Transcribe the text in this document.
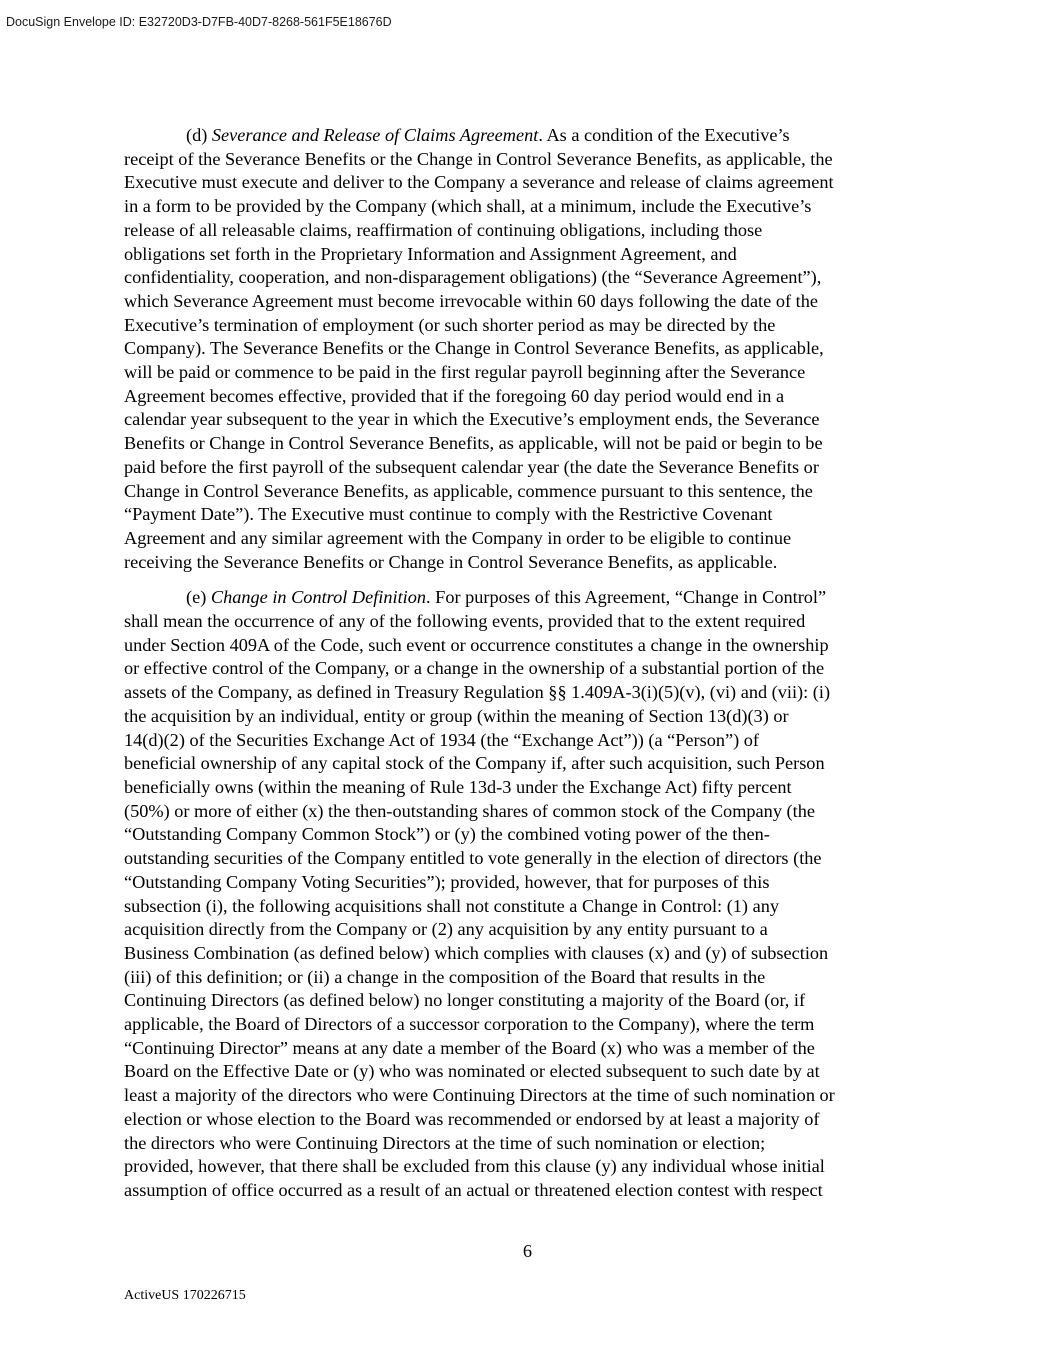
DocuSign Envelope ID: E32720D3-D7FB-40D7-8268-561F5E18676D
(d) Severance and Release of Claims Agreement. As a condition of the Executive’s
receipt of the Severance Benefits or the Change in Control Severance Benefits, as applicable, the
Executive must execute and deliver to the Company a severance and release of claims agreement
in a form to be provided by the Company (which shall, at a minimum, include the Executive’s
release of all releasable claims, reaffirmation of continuing obligations, including those
obligations set forth in the Proprietary Information and Assignment Agreement, and
confidentiality, cooperation, and non-disparagement obligations) (the “Severance Agreement”),
which Severance Agreement must become irrevocable within 60 days following the date of the
Executive’s termination of employment (or such shorter period as may be directed by the
Company). The Severance Benefits or the Change in Control Severance Benefits, as applicable,
will be paid or commence to be paid in the first regular payroll beginning after the Severance
Agreement becomes effective, provided that if the foregoing 60 day period would end in a
calendar year subsequent to the year in which the Executive’s employment ends, the Severance
Benefits or Change in Control Severance Benefits, as applicable, will not be paid or begin to be
paid before the first payroll of the subsequent calendar year (the date the Severance Benefits or
Change in Control Severance Benefits, as applicable, commence pursuant to this sentence, the
“Payment Date”). The Executive must continue to comply with the Restrictive Covenant
Agreement and any similar agreement with the Company in order to be eligible to continue
receiving the Severance Benefits or Change in Control Severance Benefits, as applicable.
(e) Change in Control Definition. For purposes of this Agreement, “Change in Control”
shall mean the occurrence of any of the following events, provided that to the extent required
under Section 409A of the Code, such event or occurrence constitutes a change in the ownership
or effective control of the Company, or a change in the ownership of a substantial portion of the
assets of the Company, as defined in Treasury Regulation §§ 1.409A-3(i)(5)(v), (vi) and (vii): (i)
the acquisition by an individual, entity or group (within the meaning of Section 13(d)(3) or
14(d)(2) of the Securities Exchange Act of 1934 (the “Exchange Act”)) (a “Person”) of
beneficial ownership of any capital stock of the Company if, after such acquisition, such Person
beneficially owns (within the meaning of Rule 13d-3 under the Exchange Act) fifty percent
(50%) or more of either (x) the then-outstanding shares of common stock of the Company (the
“Outstanding Company Common Stock”) or (y) the combined voting power of the then-
outstanding securities of the Company entitled to vote generally in the election of directors (the
“Outstanding Company Voting Securities”); provided, however, that for purposes of this
subsection (i), the following acquisitions shall not constitute a Change in Control: (1) any
acquisition directly from the Company or (2) any acquisition by any entity pursuant to a
Business Combination (as defined below) which complies with clauses (x) and (y) of subsection
(iii) of this definition; or (ii) a change in the composition of the Board that results in the
Continuing Directors (as defined below) no longer constituting a majority of the Board (or, if
applicable, the Board of Directors of a successor corporation to the Company), where the term
“Continuing Director” means at any date a member of the Board (x) who was a member of the
Board on the Effective Date or (y) who was nominated or elected subsequent to such date by at
least a majority of the directors who were Continuing Directors at the time of such nomination or
election or whose election to the Board was recommended or endorsed by at least a majority of
the directors who were Continuing Directors at the time of such nomination or election;
provided, however, that there shall be excluded from this clause (y) any individual whose initial
assumption of office occurred as a result of an actual or threatened election contest with respect
6
ActiveUS 170226715
